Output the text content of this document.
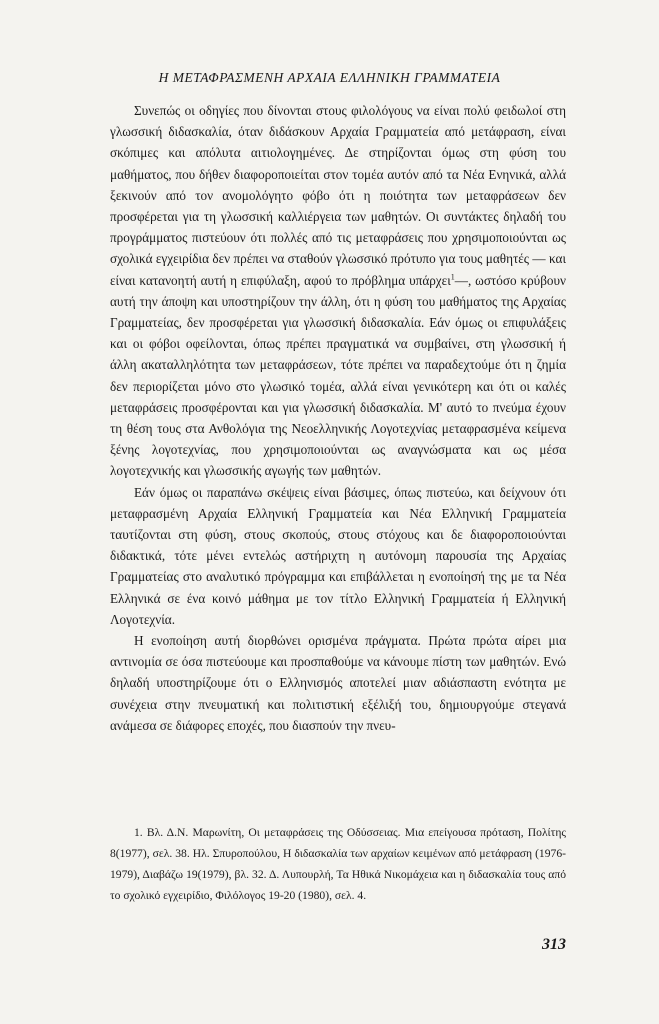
Η ΜΕΤΑΦΡΑΣΜΕΝΗ ΑΡΧΑΙΑ ΕΛΛΗΝΙΚΗ ΓΡΑΜΜΑΤΕΙΑ

Συνεπώς οι οδηγίες που δίνονται στους φιλολόγους να είναι πολύ φειδωλοί στη γλωσσική διδασκαλία, όταν διδάσκουν Αρχαία Γραμματεία από μετάφραση, είναι σκόπιμες και απόλυτα αιτιολογημένες. Δε στηρίζονται όμως στη φύση του μαθήματος, που δήθεν διαφοροποιείται στον τομέα αυτόν από τα Νέα Ενηνικά, αλλά ξεκινούν από τον ανομολόγητο φόβο ότι η ποιότητα των μεταφράσεων δεν προσφέρεται για τη γλωσσική καλλιέργεια των μαθητών. Οι συντάκτες δηλαδή του προγράμματος πιστεύουν ότι πολλές από τις μεταφράσεις που χρησιμοποιούνται ως σχολικά εγχειρίδια δεν πρέπει να σταθούν γλωσσικό πρότυπο για τους μαθητές — και είναι κατανοητή αυτή η επιφύλαξη, αφού το πρόβλημα υπάρχει$^1$—, ωστόσο κρύβουν αυτή την άποψη και υποστηρίζουν την άλλη, ότι η φύση του μαθήματος της Αρχαίας Γραμματείας, δεν προσφέρεται για γλωσσική διδασκαλία. Εάν όμως οι επιφυλάξεις και οι φόβοι οφείλονται, όπως πρέπει πραγματικά να συμβαίνει, στη γλωσσική ή άλλη ακαταλληλότητα των μεταφράσεων, τότε πρέπει να παραδεχτούμε ότι η ζημία δεν περιορίζεται μόνο στο γλωσικό τομέα, αλλά είναι γενικότερη και ότι οι καλές μεταφράσεις προσφέρονται και για γλωσσική διδασκαλία. Μ' αυτό το πνεύμα έχουν τη θέση τους στα Ανθολόγια της Νεοελληνικής Λογοτεχνίας μεταφρασμένα κείμενα ξένης λογοτεχνίας, που χρησιμοποιούνται ως αναγνώσματα και ως μέσα λογοτεχνικής και γλωσσικής αγωγής των μαθητών.

Εάν όμως οι παραπάνω σκέψεις είναι βάσιμες, όπως πιστεύω, και δείχνουν ότι μεταφρασμένη Αρχαία Ελληνική Γραμματεία και Νέα Ελληνική Γραμματεία ταυτίζονται στη φύση, στους σκοπούς, στους στόχους και δε διαφοροποιούνται διδακτικά, τότε μένει εντελώς αστήριχτη η αυτόνομη παρουσία της Αρχαίας Γραμματείας στο αναλυτικό πρόγραμμα και επιβάλλεται η ενοποίησή της με τα Νέα Ελληνικά σε ένα κοινό μάθημα με τον τίτλο Ελληνική Γραμματεία ή Ελληνική Λογοτεχνία.

Η ενοποίηση αυτή διορθώνει ορισμένα πράγματα. Πρώτα πρώτα αίρει μια αντινομία σε όσα πιστεύουμε και προσπαθούμε να κάνουμε πίστη των μαθητών. Ενώ δηλαδή υποστηρίζουμε ότι ο Ελληνισμός αποτελεί μιαν αδιάσπαστη ενότητα με συνέχεια στην πνευματική και πολιτιστική εξέλιξή του, δημιουργούμε στεγανά ανάμεσα σε διάφορες εποχές, που διασπούν την πνευ-

1. Βλ. Δ.Ν. Μαρωνίτη, Οι μεταφράσεις της Οδύσσειας. Μια επείγουσα πρόταση, Πολίτης 8(1977), σελ. 38. Ηλ. Σπυροπούλου, Η διδασκαλία των αρχαίων κειμένων από μετάφραση (1976-1979), Διαβάζω 19(1979), βλ. 32. Δ. Λυπουρλή, Τα Ηθικά Νικομάχεια και η διδασκαλία τους από το σχολικό εγχειρίδιο, Φιλόλογος 19-20 (1980), σελ. 4.

313
